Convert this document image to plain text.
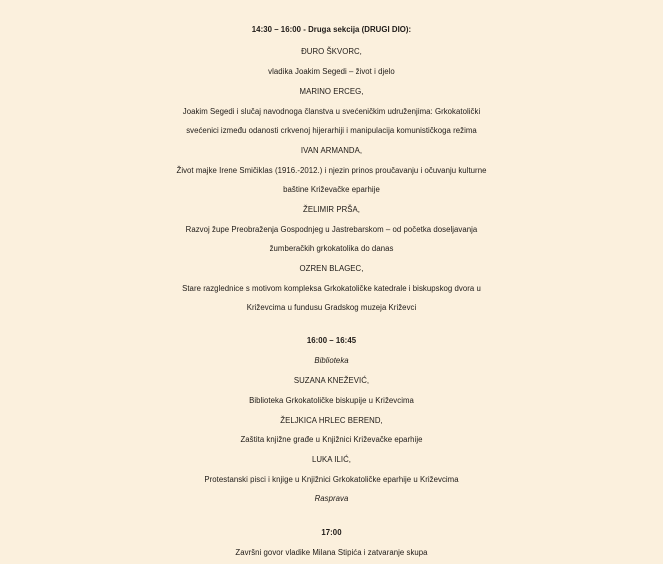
14:30 – 16:00 - Druga sekcija (DRUGI DIO):
ĐURO ŠKVORC,
vladika Joakim Segedi – život i djelo
MARINO ERCEG,
Joakim Segedi i slučaj navodnoga članstva u svećeničkim udruženjima: Grkokatolički
svećenici između odanosti crkvenoj hijerarhiji i manipulacija komunističkoga režima
IVAN ARMANDA,
Život majke Irene Smičiklas (1916.-2012.) i njezin prinos proučavanju i očuvanju kulturne
baštine Križevačke eparhije
ŽELIMIR PRŠA,
Razvoj župe Preobraženja Gospodnjeg u Jastrebarskom – od početka doseljavanja
žumberačkih grkokatolika do danas
OZREN BLAGEC,
Stare razglednice s motivom kompleksa Grkokatoličke katedrale i biskupskog dvora u
Križevcima u fundusu Gradskog muzeja Križevci
16:00 – 16:45
Biblioteka
SUZANA KNEŽEVIĆ,
Biblioteka Grkokatoličke biskupije u Križevcima
ŽELJKICA HRLEC BEREND,
Zaštita knjižne građe u Knjižnici Križevačke eparhije
LUKA ILIĆ,
Protestanski pisci i knjige u Knjižnici Grkokatoličke eparhije u Križevcima
Rasprava
17:00
Završni govor vladike Milana Stipića i zatvaranje skupa
